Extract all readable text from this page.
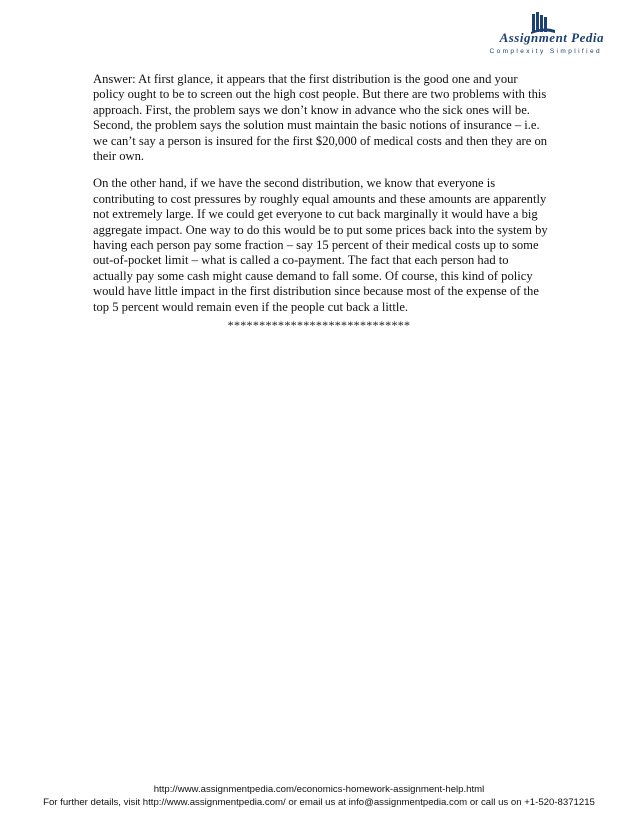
Assignment Pedia
Complexity Simplified

Answer: At first glance, it appears that the first distribution is the good one and your policy ought to be to screen out the high cost people. But there are two problems with this approach. First, the problem says we don’t know in advance who the sick ones will be. Second, the problem says the solution must maintain the basic notions of insurance – i.e. we can’t say a person is insured for the first $20,000 of medical costs and then they are on their own.

On the other hand, if we have the second distribution, we know that everyone is contributing to cost pressures by roughly equal amounts and these amounts are apparently not extremely large. If we could get everyone to cut back marginally it would have a big aggregate impact. One way to do this would be to put some prices back into the system by having each person pay some fraction – say 15 percent of their medical costs up to some out-of-pocket limit – what is called a co-payment. The fact that each person had to actually pay some cash might cause demand to fall some. Of course, this kind of policy would have little impact in the first distribution since because most of the expense of the top 5 percent would remain even if the people cut back a little.

*****************************
http://www.assignmentpedia.com/economics-homework-assignment-help.html
For further details, visit http://www.assignmentpedia.com/ or email us at info@assignmentpedia.com or call us on +1-520-8371215
